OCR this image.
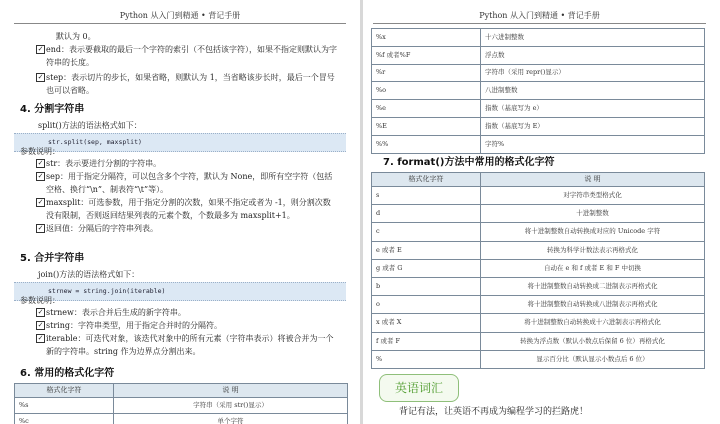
Python 从入门到精通 • 背记手册
默认为 0。
✓ end：表示要截取的最后一个字符的索引（不包括该字符），如果不指定则默认为字符串的长度。
✓ step：表示切片的步长，如果省略，则默认为 1，当省略该步长时，最后一个冒号也可以省略。
4. 分割字符串
split()方法的语法格式如下：
str.split(sep, maxsplit)
参数说明：
✓ str：表示要进行分割的字符串。
✓ sep：用于指定分隔符，可以包含多个字符，默认为 None，即所有空字符（包括空格、换行“\n”、制表符“\t”等）。
✓ maxsplit：可选参数，用于指定分割的次数，如果不指定或者为 -1，则分割次数没有限制，否则返回结果列表的元素个数，个数最多为 maxsplit+1。
✓ 返回值：分隔后的字符串列表。
5. 合并字符串
join()方法的语法格式如下：
strnew = string.join(iterable)
参数说明：
✓ strnew：表示合并后生成的新字符串。
✓ string：字符串类型，用于指定合并时的分隔符。
✓ iterable：可迭代对象，该迭代对象中的所有元素（字符串表示）将被合并为一个新的字符串。string 作为边界点分割出来。
6. 常用的格式化字符
格式化字符	说 明
%s	字符串（采用 str()显示）
%c	单个字符
Python 从入门到精通 • 背记手册
%x	十六进制整数
%f 或者%F	浮点数
%r	字符串（采用 repr()显示）
%o	八进制整数
%e	指数（基底写为 e）
%E	指数（基底写为 E）
%%	字符%
7. format()方法中常用的格式化字符
格式化字符	说 明
s	对字符串类型格式化
d	十进制整数
c	将十进制整数自动转换成对应的 Unicode 字符
e 或者 E	转换为科学计数法表示再格式化
g 或者 G	自动在 e 和 f 或者 E 和 F 中切换
b	将十进制整数自动转换成二进制表示再格式化
o	将十进制整数自动转换成八进制表示再格式化
x 或者 X	将十进制整数自动转换成十六进制表示再格式化
f 或者 F	转换为浮点数（默认小数点后保留 6 位）再格式化
%	显示百分比（默认显示小数点后 6 位）
英语词汇
背记有法，让英语不再成为编程学习的拦路虎！
